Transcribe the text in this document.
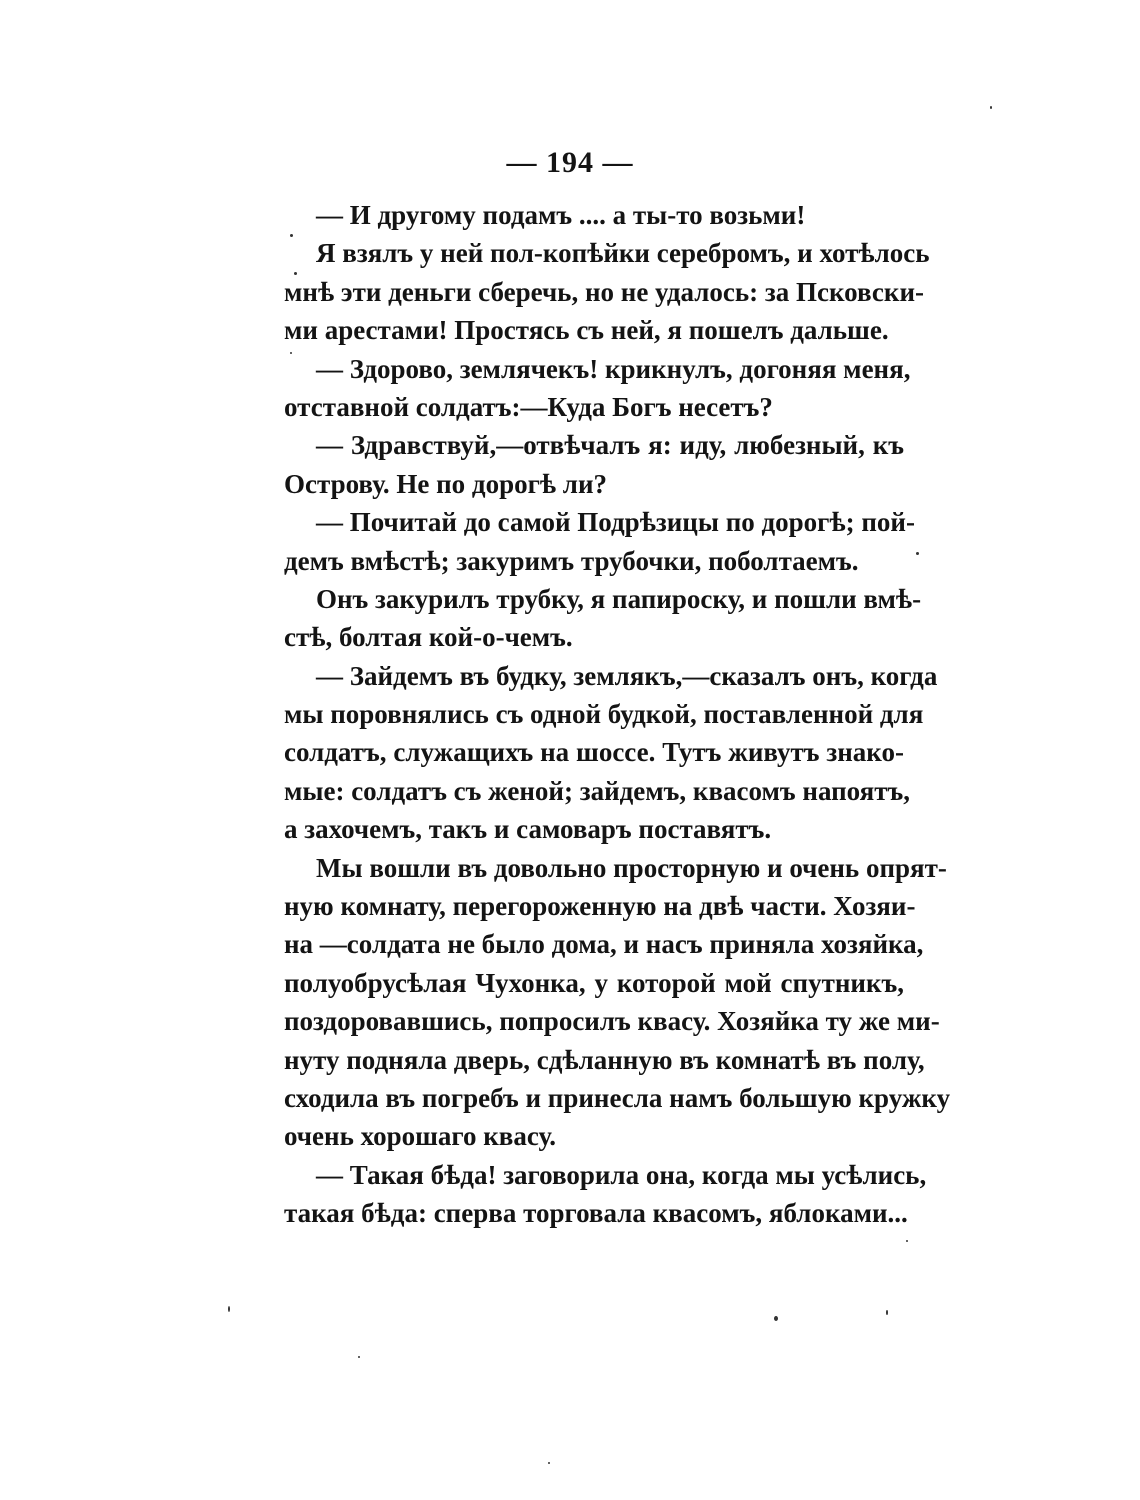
— 194 —
— И другому подамъ .... а ты-то возьми!
Я взялъ у ней пол-копѣйки серебромъ, и хотѣлось
мнѣ эти деньги сберечь, но не удалось: за Псковски-
ми арестами! Простясь съ ней, я пошелъ дальше.
— Здорово, землячекъ! крикнулъ, догоняя меня,
отставной солдатъ:—Куда Богъ несетъ?
— Здравствуй,—отвѣчалъ я: иду, любезный, къ
Острову. Не по дорогѣ ли?
— Почитай до самой Подрѣзицы по дорогѣ; пой-
демъ вмѣстѣ; закуримъ трубочки, поболтаемъ.
Онъ закурилъ трубку, я папироску, и пошли вмѣ-
стѣ, болтая кой-о-чемъ.
— Зайдемъ въ будку, землякъ,—сказалъ онъ, когда
мы поровнялись съ одной будкой, поставленной для
солдатъ, служащихъ на шоссе. Тутъ живутъ знако-
мые: солдатъ съ женой; зайдемъ, квасомъ напоятъ,
а захочемъ, такъ и самоваръ поставятъ.
Мы вошли въ довольно просторную и очень опрят-
ную комнату, перегороженную на двѣ части. Хозяи-
на —солдата не было дома, и насъ приняла хозяйка,
полуобрусѣлая Чухонка, у которой мой спутникъ,
поздоровавшись, попросилъ квасу. Хозяйка ту же ми-
нуту подняла дверь, сдѣланную въ комнатѣ въ полу,
сходила въ погребъ и принесла намъ большую кружку
очень хорошаго квасу.
— Такая бѣда! заговорила она, когда мы усѣлись,
такая бѣда: сперва торговала квасомъ, яблоками...
